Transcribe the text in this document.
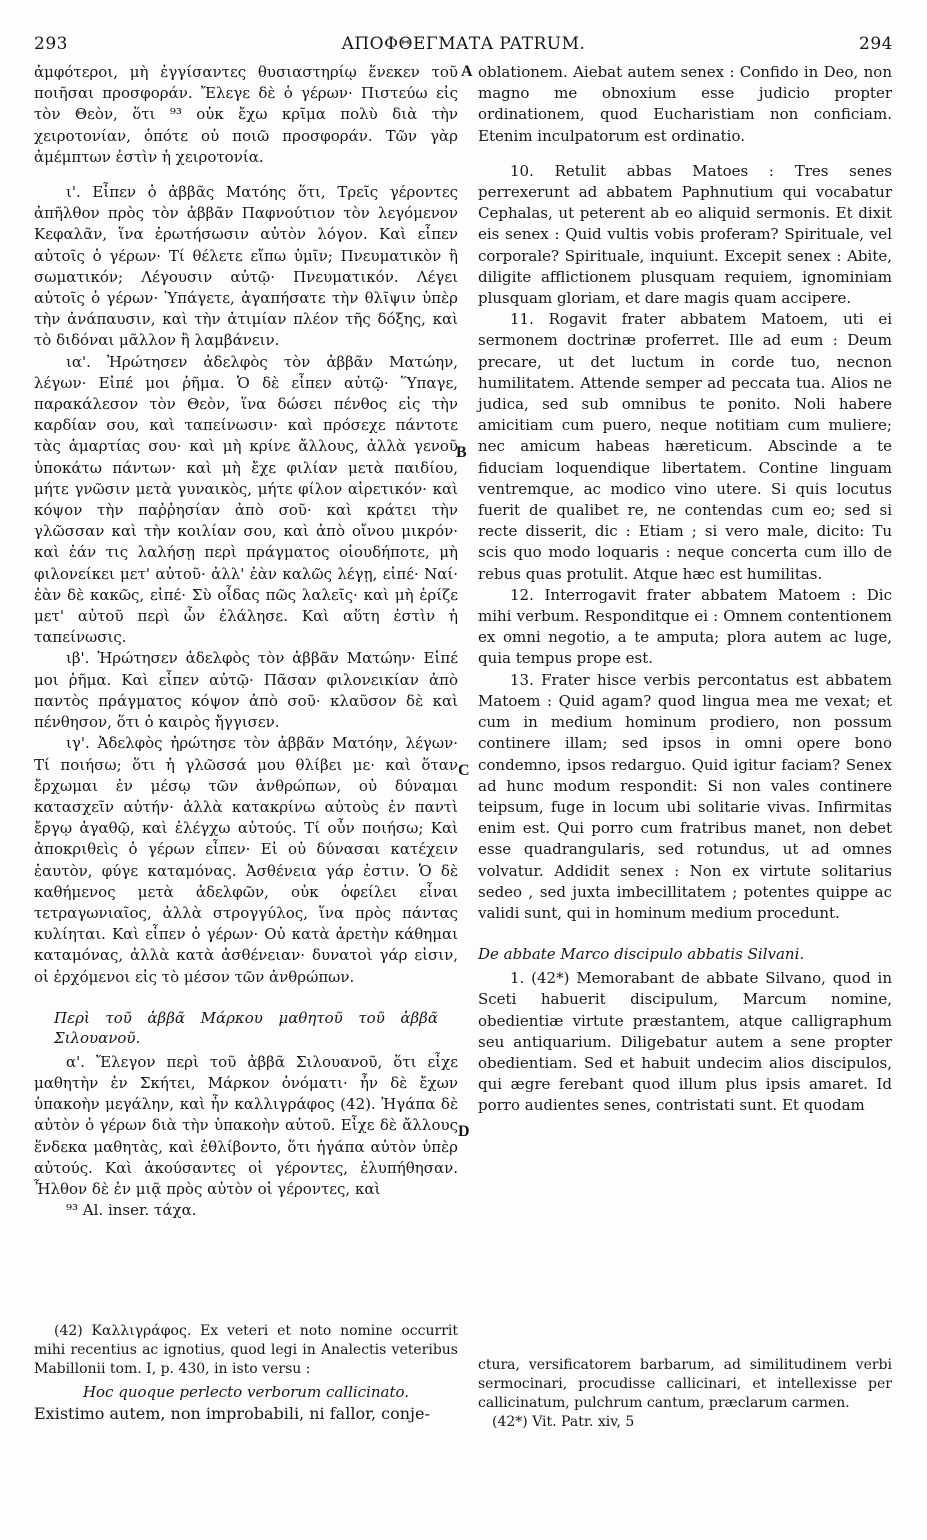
293	ΑΠΟΦΘΕΓΜΑΤΑ PATRUM.	294
A
B
C
D

ἀμφότεροι, μὴ ἐγγίσαντες θυσιαστηρίῳ ἕνεκεν τοῦ ποιῆσαι προσφοράν. Ἔλεγε δὲ ὁ γέρων· Πιστεύω εἰς τὸν Θεὸν, ὅτι ⁹³ οὐκ ἔχω κρῖμα πολὺ διὰ τὴν χειροτονίαν, ὁπότε οὐ ποιῶ προσφοράν. Τῶν γὰρ ἀμέμπτων ἐστὶν ἡ χειροτονία.

ι'. Εἶπεν ὁ ἀββᾶς Ματόης ὅτι, Τρεῖς γέροντες ἀπῆλθον πρὸς τὸν ἀββᾶν Παφνούτιον τὸν λεγόμενον Κεφαλᾶν, ἵνα ἐρωτήσωσιν αὐτὸν λόγον. Καὶ εἶπεν αὐτοῖς ὁ γέρων· Τί θέλετε εἴπω ὑμῖν; Πνευματικὸν ἢ σωματικόν; Λέγουσιν αὐτῷ· Πνευματικόν. Λέγει αὐτοῖς ὁ γέρων· Ὑπάγετε, ἀγαπήσατε τὴν θλῖψιν ὑπὲρ τὴν ἀνάπαυσιν, καὶ τὴν ἀτιμίαν πλέον τῆς δόξης, καὶ τὸ διδόναι μᾶλλον ἢ λαμβάνειν.

ια'. Ἠρώτησεν ἀδελφὸς τὸν ἀββᾶν Ματώην, λέγων· Εἰπέ μοι ῥῆμα. Ὁ δὲ εἶπεν αὐτῷ· Ὕπαγε, παρακάλεσον τὸν Θεὸν, ἵνα δώσει πένθος εἰς τὴν καρδίαν σου, καὶ ταπείνωσιν· καὶ πρόσεχε πάντοτε τὰς ἁμαρτίας σου· καὶ μὴ κρίνε ἄλλους, ἀλλὰ γενοῦ ὑποκάτω πάντων· καὶ μὴ ἔχε φιλίαν μετὰ παιδίου, μήτε γνῶσιν μετὰ γυναικὸς, μήτε φίλον αἱρετικόν· καὶ κόψον τὴν παῤῥησίαν ἀπὸ σοῦ· καὶ κράτει τὴν γλῶσσαν καὶ τὴν κοιλίαν σου, καὶ ἀπὸ οἴνου μικρόν· καὶ ἐάν τις λαλήσῃ περὶ πράγματος οἱουδήποτε, μὴ φιλονείκει μετ' αὐτοῦ· ἀλλ' ἐὰν καλῶς λέγῃ, εἰπέ· Ναί· ἐὰν δὲ κακῶς, εἰπέ· Σὺ οἶδας πῶς λαλεῖς· καὶ μὴ ἐρίζε μετ' αὐτοῦ περὶ ὧν ἐλάλησε. Καὶ αὕτη ἐστὶν ἡ ταπείνωσις.

ιβ'. Ἠρώτησεν ἀδελφὸς τὸν ἀββᾶν Ματώην· Εἰπέ μοι ῥῆμα. Καὶ εἶπεν αὐτῷ· Πᾶσαν φιλονεικίαν ἀπὸ παντὸς πράγματος κόψον ἀπὸ σοῦ· κλαῦσον δὲ καὶ πένθησον, ὅτι ὁ καιρὸς ἤγγισεν.

ιγ'. Ἀδελφὸς ἠρώτησε τὸν ἀββᾶν Ματόην, λέγων· Τί ποιήσω; ὅτι ἡ γλῶσσά μου θλίβει με· καὶ ὅταν ἔρχωμαι ἐν μέσῳ τῶν ἀνθρώπων, οὐ δύναμαι κατασχεῖν αὐτήν· ἀλλὰ κατακρίνω αὐτοὺς ἐν παντὶ ἔργῳ ἀγαθῷ, καὶ ἐλέγχω αὐτούς. Τί οὖν ποιήσω; Καὶ ἀποκριθεὶς ὁ γέρων εἶπεν· Εἰ οὐ δύνασαι κατέχειν ἑαυτὸν, φύγε καταμόνας. Ἀσθένεια γάρ ἐστιν. Ὁ δὲ καθήμενος μετὰ ἀδελφῶν, οὐκ ὀφείλει εἶναι τετραγωνιαῖος, ἀλλὰ στρογγύλος, ἵνα πρὸς πάντας κυλίηται. Καὶ εἶπεν ὁ γέρων· Οὐ κατὰ ἀρετὴν κάθημαι καταμόνας, ἀλλὰ κατὰ ἀσθένειαν· δυνατοὶ γάρ εἰσιν, οἱ ἐρχόμενοι εἰς τὸ μέσον τῶν ἀνθρώπων.

Περὶ τοῦ ἀββᾶ Μάρκου μαθητοῦ τοῦ ἀββᾶ Σιλουανοῦ.

α'. Ἔλεγον περὶ τοῦ ἀββᾶ Σιλουανοῦ, ὅτι εἶχε μαθητὴν ἐν Σκήτει, Μάρκον ὀνόματι· ἦν δὲ ἔχων ὑπακοὴν μεγάλην, καὶ ἦν καλλιγράφος (42). Ἠγάπα δὲ αὐτὸν ὁ γέρων διὰ τὴν ὑπακοὴν αὐτοῦ. Εἶχε δὲ ἄλλους ἕνδεκα μαθητὰς, καὶ ἐθλίβοντο, ὅτι ἠγάπα αὐτὸν ὑπὲρ αὐτούς. Καὶ ἀκούσαντες οἱ γέροντες, ἐλυπήθησαν. Ἦλθον δὲ ἐν μιᾷ πρὸς αὐτὸν οἱ γέροντες, καὶ

⁹³ Al. inser. τάχα.

oblationem. Aiebat autem senex : Confido in Deo, non magno me obnoxium esse judicio propter ordinationem, quod Eucharistiam non conficiam. Etenim inculpatorum est ordinatio.

10. Retulit abbas Matoes : Tres senes perrexerunt ad abbatem Paphnutium qui vocabatur Cephalas, ut peterent ab eo aliquid sermonis. Et dixit eis senex : Quid vultis vobis proferam? Spirituale, vel corporale? Spirituale, inquiunt. Excepit senex : Abite, diligite afflictionem plusquam requiem, ignominiam plusquam gloriam, et dare magis quam accipere.

11. Rogavit frater abbatem Matoem, uti ei sermonem doctrinæ proferret. Ille ad eum : Deum precare, ut det luctum in corde tuo, necnon humilitatem. Attende semper ad peccata tua. Alios ne judica, sed sub omnibus te ponito. Noli habere amicitiam cum puero, neque notitiam cum muliere; nec amicum habeas hæreticum. Abscinde a te fiduciam loquendique libertatem. Contine linguam ventremque, ac modico vino utere. Si quis locutus fuerit de qualibet re, ne contendas cum eo; sed si recte disserit, dic : Etiam ; si vero male, dicito: Tu scis quo modo loquaris : neque concerta cum illo de rebus quas protulit. Atque hæc est humilitas.

12. Interrogavit frater abbatem Matoem : Dic mihi verbum. Responditque ei : Omnem contentionem ex omni negotio, a te amputa; plora autem ac luge, quia tempus prope est.

13. Frater hisce verbis percontatus est abbatem Matoem : Quid agam? quod lingua mea me vexat; et cum in medium hominum prodiero, non possum continere illam; sed ipsos in omni opere bono condemno, ipsos redarguo. Quid igitur faciam? Senex ad hunc modum respondit: Si non vales continere teipsum, fuge in locum ubi solitarie vivas. Infirmitas enim est. Qui porro cum fratribus manet, non debet esse quadrangularis, sed rotundus, ut ad omnes volvatur. Addidit senex : Non ex virtute solitarius sedeo , sed juxta imbecillitatem ; potentes quippe ac validi sunt, qui in hominum medium procedunt.

De abbate Marco discipulo abbatis Silvani.

1. (42*) Memorabant de abbate Silvano, quod in Sceti habuerit discipulum, Marcum nomine, obedientiæ virtute præstantem, atque calligraphum seu antiquarium. Diligebatur autem a sene propter obedientiam. Sed et habuit undecim alios discipulos, qui ægre ferebant quod illum plus ipsis amaret. Id porro audientes senes, contristati sunt. Et quodam

(42) Καλλιγράφος. Ex veteri et noto nomine occurrit mihi recentius ac ignotius, quod legi in Analectis veteribus Mabillonii tom. I, p. 430, in isto versu :

Hoc quoque perlecto verborum callicinato.

Existimo autem, non improbabili, ni fallor, conje-

ctura, versificatorem barbarum, ad similitudinem verbi sermocinari, procudisse callicinari, et intellexisse per callicinatum, pulchrum cantum, præclarum carmen.

(42*) Vit. Patr. xiv, 5
